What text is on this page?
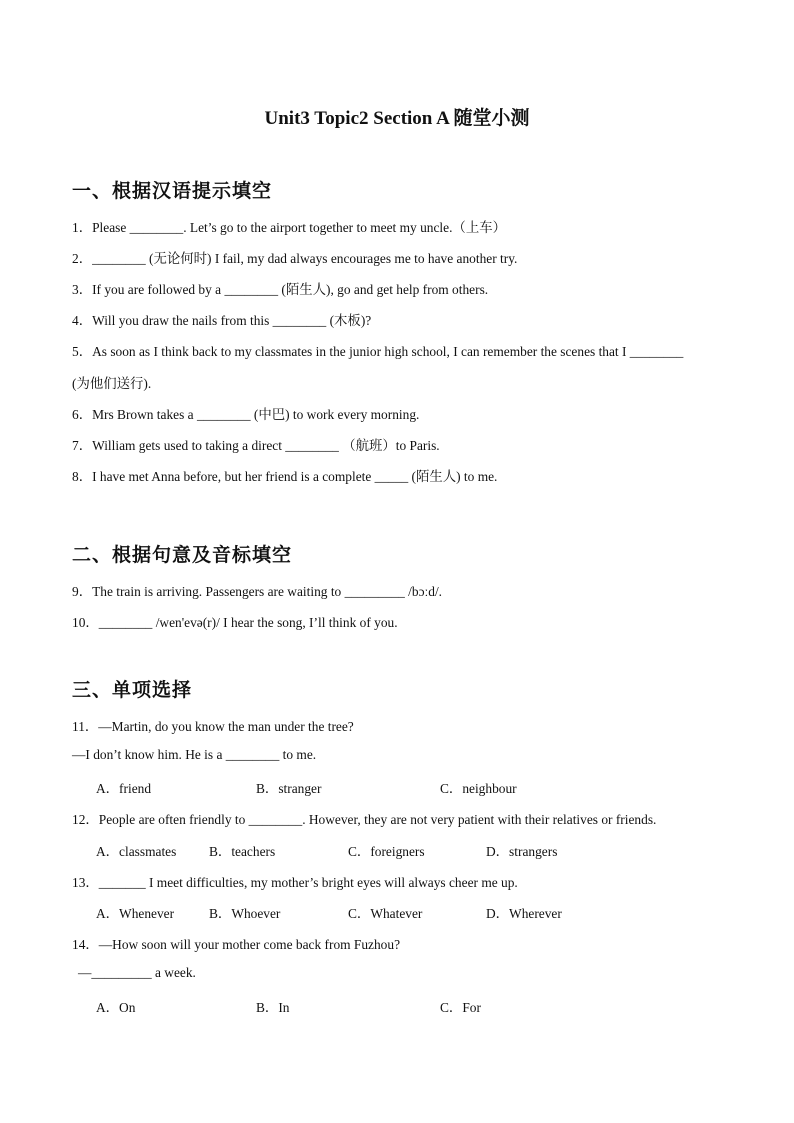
Unit3 Topic2 Section A 随堂小测
一、根据汉语提示填空
1．Please ________. Let’s go to the airport together to meet my uncle.（上车）
2．________ (无论何时) I fail, my dad always encourages me to have another try.
3．If you are followed by a ________ (陌生人), go and get help from others.
4．Will you draw the nails from this ________ (木板)?
5．As soon as I think back to my classmates in the junior high school, I can remember the scenes that I ________
(为他们送行).
6．Mrs Brown takes a ________ (中巴) to work every morning.
7．William gets used to taking a direct ________ （航班）to Paris.
8．I have met Anna before, but her friend is a complete _____ (陌生人) to me.
二、根据句意及音标填空
9．The train is arriving. Passengers are waiting to _________ /bɔːd/.
10．________ /wen'evə(r)/ I hear the song, I’ll think of you.
三、单项选择
11．—Martin, do you know the man under the tree?
—I don’t know him. He is a ________ to me.
A．friend	B．stranger	C．neighbour
12．People are often friendly to ________. However, they are not very patient with their relatives or friends.
A．classmates B．teachers	C．foreigners	D．strangers
13．_______ I meet difficulties, my mother’s bright eyes will always cheer me up.
A．Whenever	B．Whoever	C．Whatever	D．Wherever
14．—How soon will your mother come back from Fuzhou?
—_________ a week.
A．On	B．In	C．For
